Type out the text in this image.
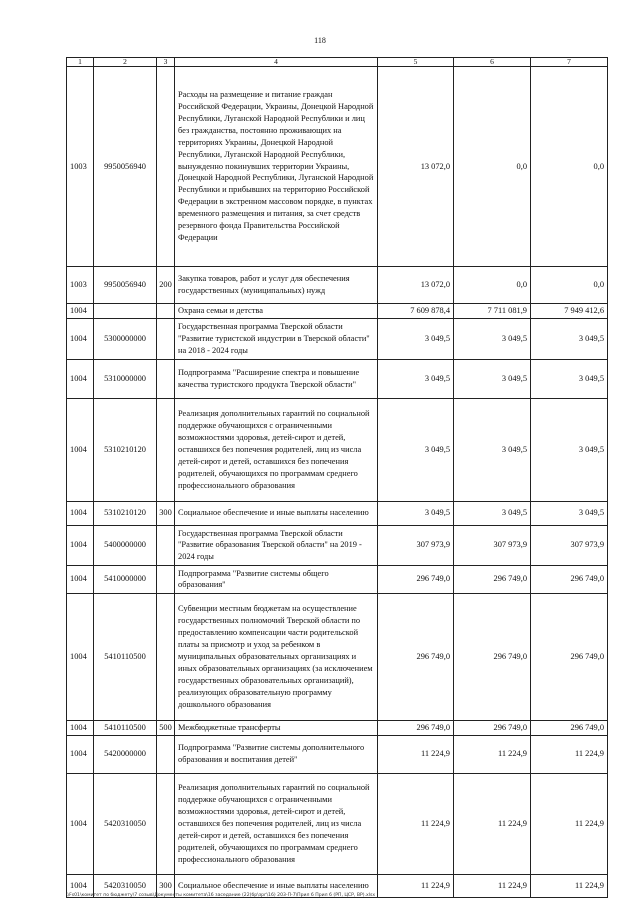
118
1	2	3	4	5	6	7
1003	9950056940		Расходы на размещение и питание граждан Российской Федерации, Украины, Донецкой Народной Республики, Луганской Народной Республики и лиц без гражданства, постоянно проживающих на территориях Украины, Донецкой Народной Республики, Луганской Народной Республики, вынужденно покинувших территории Украины, Донецкой Народной Республики, Луганской Народной Республики и прибывших на территорию Российской Федерации в экстренном массовом порядке, в пунктах временного размещения и питания, за счет средств резервного фонда Правительства Российской Федерации	13 072,0	0,0	0,0
1003	9950056940	200	Закупка товаров, работ и услуг для обеспечения государственных (муниципальных) нужд	13 072,0	0,0	0,0
1004			Охрана семьи и детства	7 609 878,4	7 711 081,9	7 949 412,6
1004	5300000000		Государственная программа Тверской области "Развитие туристской индустрии в Тверской области" на 2018 - 2024 годы	3 049,5	3 049,5	3 049,5
1004	5310000000		Подпрограмма "Расширение спектра и повышение качества туристского продукта Тверской области"	3 049,5	3 049,5	3 049,5
1004	5310210120		Реализация дополнительных гарантий по социальной поддержке обучающихся с ограниченными возможностями здоровья, детей-сирот и детей, оставшихся без попечения родителей, лиц из числа детей-сирот и детей, оставшихся без попечения родителей, обучающихся по программам среднего профессионального образования	3 049,5	3 049,5	3 049,5
1004	5310210120	300	Социальное обеспечение и иные выплаты населению	3 049,5	3 049,5	3 049,5
1004	5400000000		Государственная программа Тверской области "Развитие образования Тверской области" на 2019 - 2024 годы	307 973,9	307 973,9	307 973,9
1004	5410000000		Подпрограмма "Развитие системы общего образования"	296 749,0	296 749,0	296 749,0
1004	5410110500		Субвенции местным бюджетам на осуществление государственных полномочий Тверской области по предоставлению компенсации части родительской платы за присмотр и уход за ребенком в муниципальных образовательных организациях и иных образовательных организациях (за исключением государственных образовательных организаций), реализующих образовательную программу дошкольного образования	296 749,0	296 749,0	296 749,0
1004	5410110500	500	Межбюджетные трансферты	296 749,0	296 749,0	296 749,0
1004	5420000000		Подпрограмма "Развитие системы дополнительного образования и воспитания детей"	11 224,9	11 224,9	11 224,9
1004	5420310050		Реализация дополнительных гарантий по социальной поддержке обучающихся с ограниченными возможностями здоровья, детей-сирот и детей, оставшихся без попечения родителей, лиц из числа детей-сирот и детей, оставшихся без попечения родителей, обучающихся по программам среднего профессионального образования	11 224,9	11 224,9	11 224,9
1004	5420310050	300	Социальное обеспечение и иные выплаты населению	11 224,9	11 224,9	11 224,9
\\Fs01\комитет по бюджету\7 созыв\Документы комитета\16 заседание (22)бр\зрг\16) 203-П-7\Прил 6 Прил 6 (РП, ЦСР, ВР).xlsx
